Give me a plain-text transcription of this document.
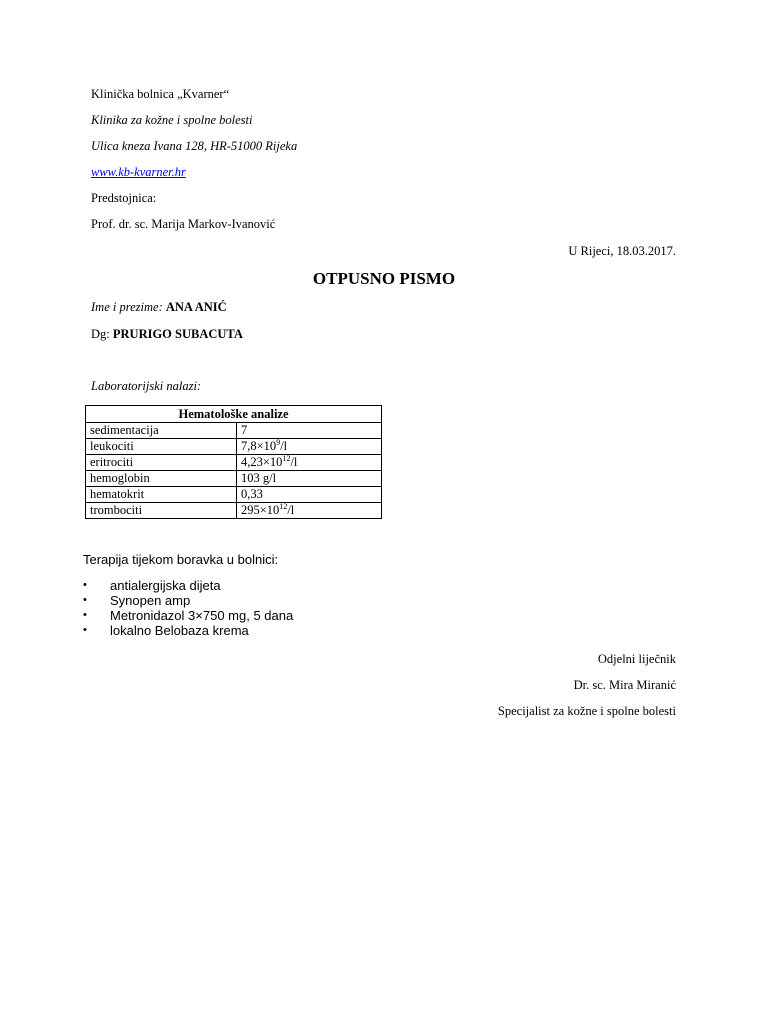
Klinička bolnica „Kvarner“
Klinika za kožne i spolne bolesti
Ulica kneza Ivana 128, HR-51000 Rijeka
www.kb-kvarner.hr
Predstojnica:
Prof. dr. sc. Marija Markov-Ivanović
U Rijeci, 18.03.2017.
OTPUSNO PISMO
Ime i prezime: ANA ANIĆ
Dg: PRURIGO SUBACUTA
Laboratorijski nalazi:
Hematološke analize	
sedimentacija	7
leukociti	$7,8\times 10^9/l$
eritrociti	$4,23\times 10^{12}/l$
hemoglobin	103 g/l
hematokrit	0,33
trombociti	$295\times 10^{12}/l$
Terapija tijekom boravka u bolnici:
• antialergijska dijeta
• Synopen amp
• Metronidazol 3×750 mg, 5 dana
• lokalno Belobaza krema
Odjelni liječnik
Dr. sc. Mira Miranić
Specijalist za kožne i spolne bolesti
